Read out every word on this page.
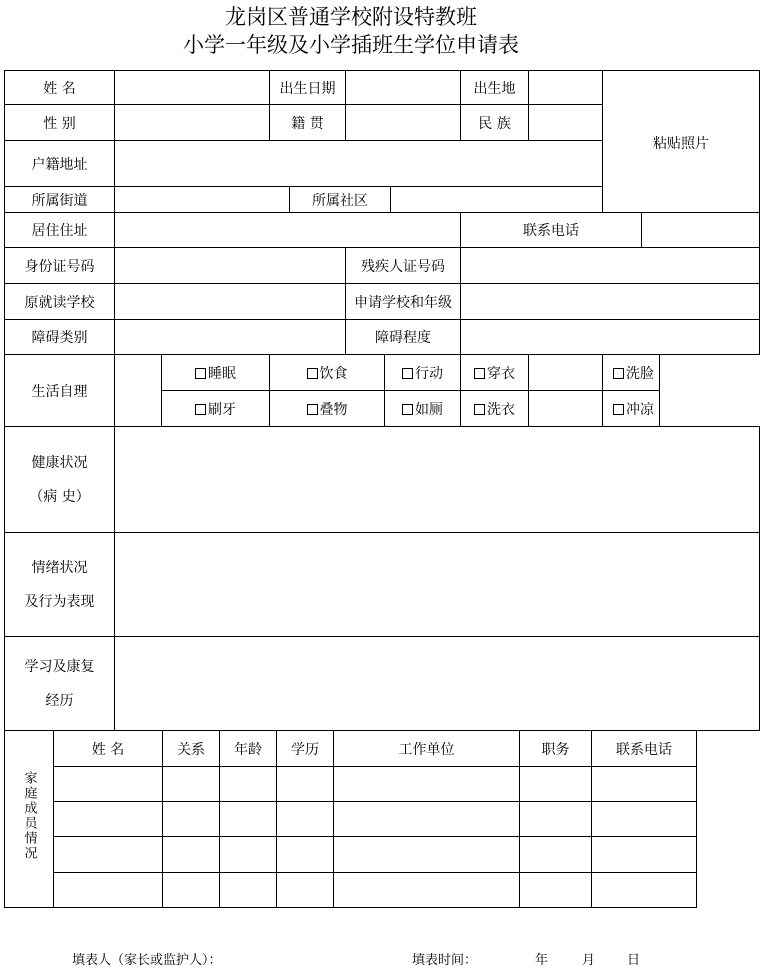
龙岗区普通学校附设特教班
小学一年级及小学插班生学位申请表
姓 名			出生日期					出生地		粘贴照片	
性 别			籍 贯					民 族			
户籍地址											
所属街道				所属社区							
居住住址								联系电话			
身份证号码					残疾人证号码						
原就读学校					申请学校和年级						
障碍类别					障碍程度						
生活自理		睡眠	饮食			行动		穿衣		洗脸	
		刷牙	叠物			如厕		洗衣		冲凉	
健康状况
（病 史）											
情绪状况
及行为表现											
学习及康复
经历											
家庭成员情况	姓 名	关系	年龄	学历	工作单位	职务	联系电话

填表人（家长或监护人）：	填表时间：	年	月 日
